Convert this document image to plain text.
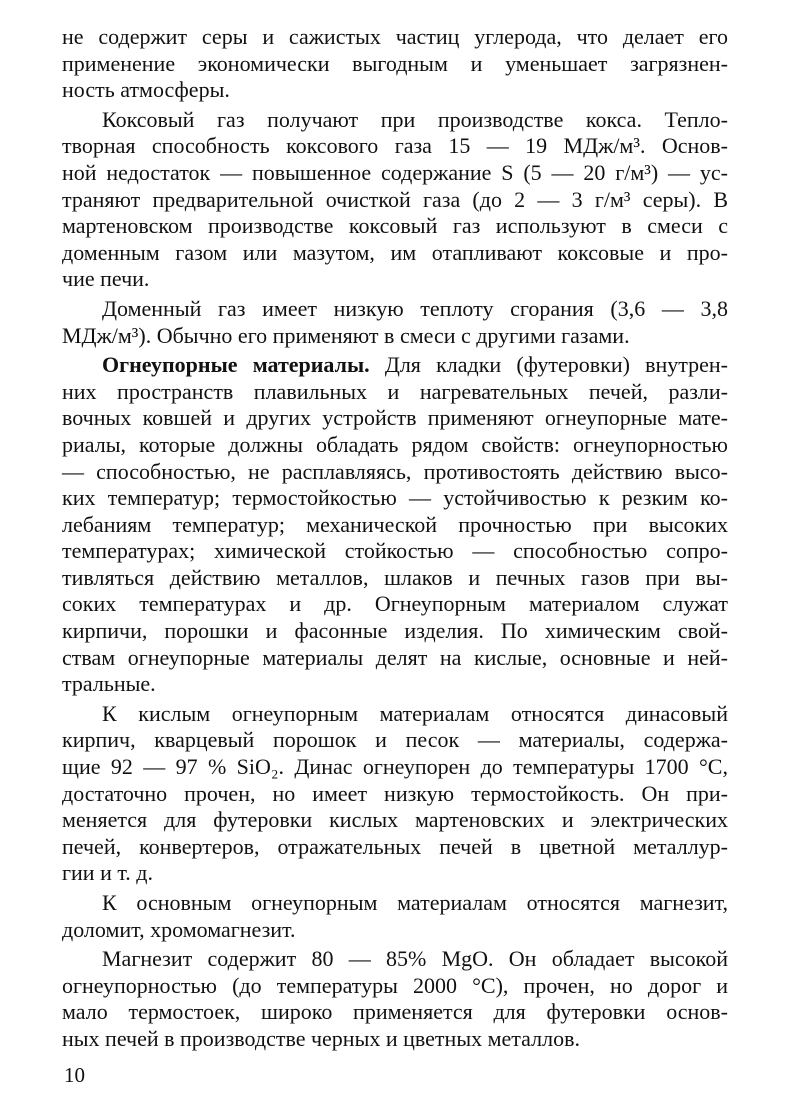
не содержит серы и сажистых частиц углерода, что делает его
применение экономически выгодным и уменьшает загрязнен-
ность атмосферы.
Коксовый газ получают при производстве кокса. Тепло-
творная способность коксового газа 15 — 19 МДж/м³. Основ-
ной недостаток — повышенное содержание S (5 — 20 г/м³) — ус-
траняют предварительной очисткой газа (до 2 — 3 г/м³ серы). В
мартеновском производстве коксовый газ используют в смеси с
доменным газом или мазутом, им отапливают коксовые и про-
чие печи.
Доменный газ имеет низкую теплоту сгорания (3,6 — 3,8
МДж/м³). Обычно его применяют в смеси с другими газами.
Огнеупорные материалы. Для кладки (футеровки) внутрен-
них пространств плавильных и нагревательных печей, разли-
вочных ковшей и других устройств применяют огнеупорные мате-
риалы, которые должны обладать рядом свойств: огнеупорностью
— способностью, не расплавляясь, противостоять действию высо-
ких температур; термостойкостью — устойчивостью к резким ко-
лебаниям температур; механической прочностью при высоких
температурах; химической стойкостью — способностью сопро-
тивляться действию металлов, шлаков и печных газов при вы-
соких температурах и др. Огнеупорным материалом служат
кирпичи, порошки и фасонные изделия. По химическим свой-
ствам огнеупорные материалы делят на кислые, основные и ней-
тральные.
К кислым огнеупорным материалам относятся динасовый
кирпич, кварцевый порошок и песок — материалы, содержа-
щие 92 — 97 % SiO₂. Динас огнеупорен до температуры 1700 °С,
достаточно прочен, но имеет низкую термостойкость. Он при-
меняется для футеровки кислых мартеновских и электрических
печей, конвертеров, отражательных печей в цветной металлур-
гии и т. д.
К основным огнеупорным материалам относятся магнезит,
доломит, хромомагнезит.
Магнезит содержит 80 — 85% MgO. Он обладает высокой
огнеупорностью (до температуры 2000 °С), прочен, но дорог и
мало термостоек, широко применяется для футеровки основ-
ных печей в производстве черных и цветных металлов.
10
